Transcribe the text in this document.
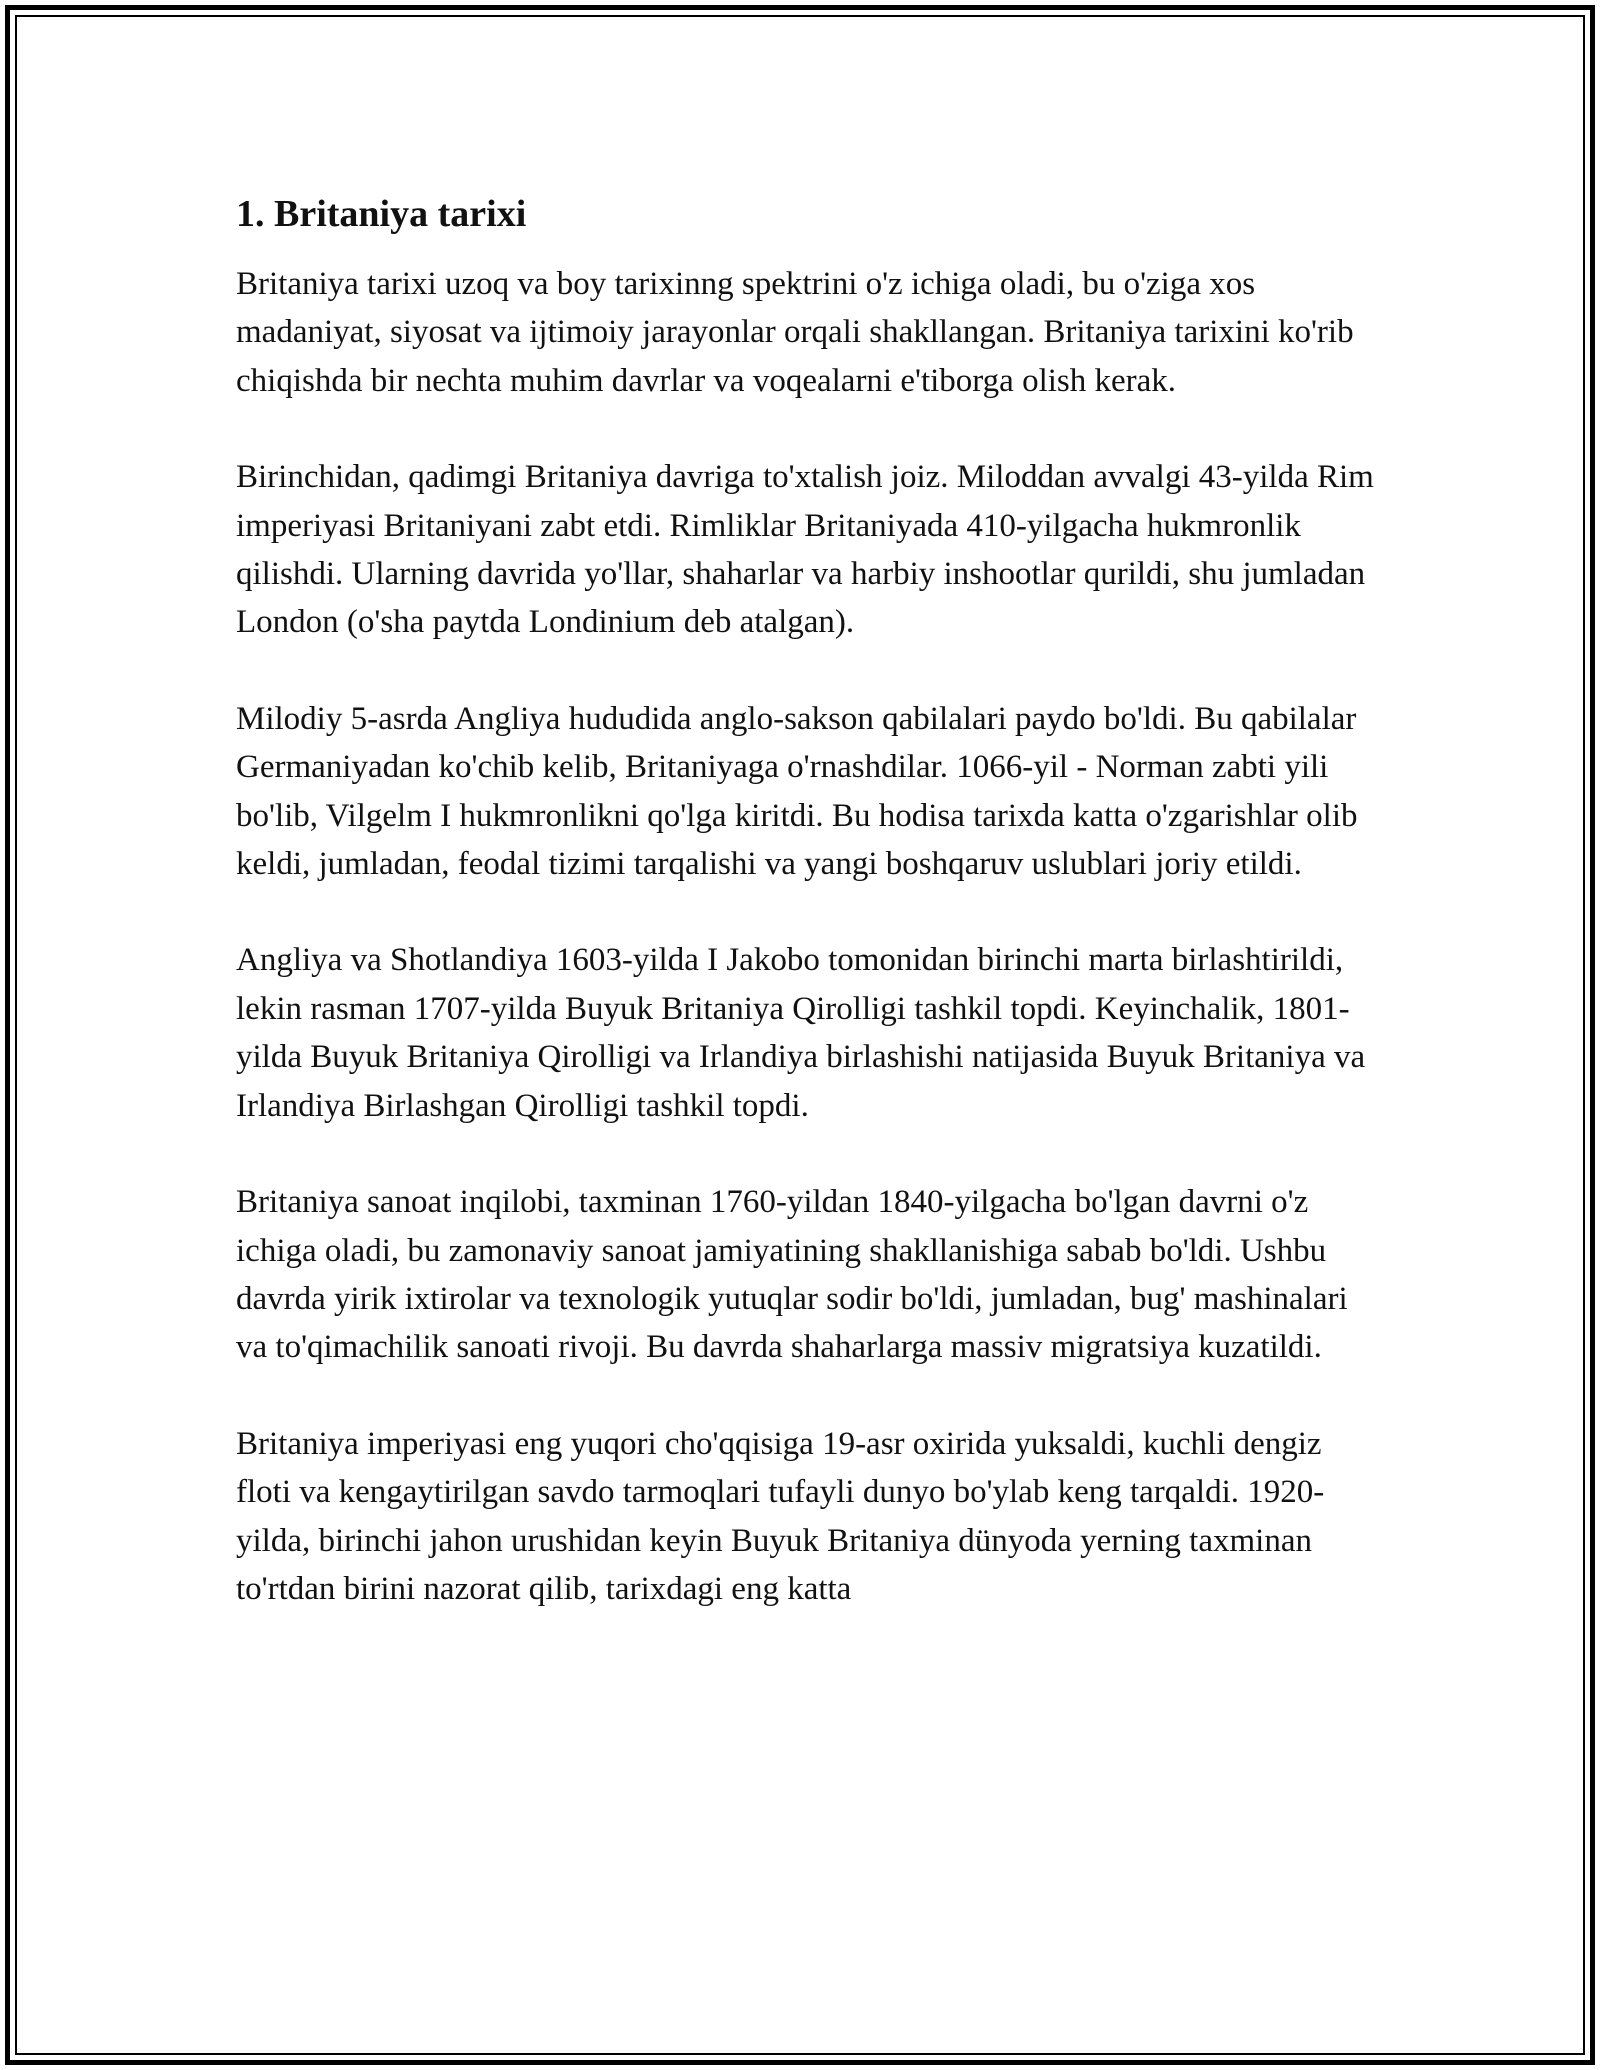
1. Britaniya tarixi

Britaniya tarixi uzoq va boy tarixinng spektrini o'z ichiga oladi, bu o'ziga xos madaniyat, siyosat va ijtimoiy jarayonlar orqali shakllangan. Britaniya tarixini ko'rib chiqishda bir nechta muhim davrlar va voqealarni e'tiborga olish kerak.

Birinchidan, qadimgi Britaniya davriga to'xtalish joiz. Miloddan avvalgi 43-yilda Rim imperiyasi Britaniyani zabt etdi. Rimliklar Britaniyada 410-yilgacha hukmronlik qilishdi. Ularning davrida yo'llar, shaharlar va harbiy inshootlar qurildi, shu jumladan London (o'sha paytda Londinium deb atalgan).

Milodiy 5-asrda Angliya hududida anglo-sakson qabilalari paydo bo'ldi. Bu qabilalar Germaniyadan ko'chib kelib, Britaniyaga o'rnashdilar. 1066-yil - Norman zabti yili bo'lib, Vilgelm I hukmronlikni qo'lga kiritdi. Bu hodisa tarixda katta o'zgarishlar olib keldi, jumladan, feodal tizimi tarqalishi va yangi boshqaruv uslublari joriy etildi.

Angliya va Shotlandiya 1603-yilda I Jakobo tomonidan birinchi marta birlashtirildi, lekin rasman 1707-yilda Buyuk Britaniya Qirolligi tashkil topdi. Keyinchalik, 1801-yilda Buyuk Britaniya Qirolligi va Irlandiya birlashishi natijasida Buyuk Britaniya va Irlandiya Birlashgan Qirolligi tashkil topdi.

Britaniya sanoat inqilobi, taxminan 1760-yildan 1840-yilgacha bo'lgan davrni o'z ichiga oladi, bu zamonaviy sanoat jamiyatining shakllanishiga sabab bo'ldi. Ushbu davrda yirik ixtirolar va texnologik yutuqlar sodir bo'ldi, jumladan, bug' mashinalari va to'qimachilik sanoati rivoji. Bu davrda shaharlarga massiv migratsiya kuzatildi.

Britaniya imperiyasi eng yuqori cho'qqisiga 19-asr oxirida yuksaldi, kuchli dengiz floti va kengaytirilgan savdo tarmoqlari tufayli dunyo bo'ylab keng tarqaldi. 1920-yilda, birinchi jahon urushidan keyin Buyuk Britaniya dünyoda yerning taxminan to'rtdan birini nazorat qilib, tarixdagi eng katta
